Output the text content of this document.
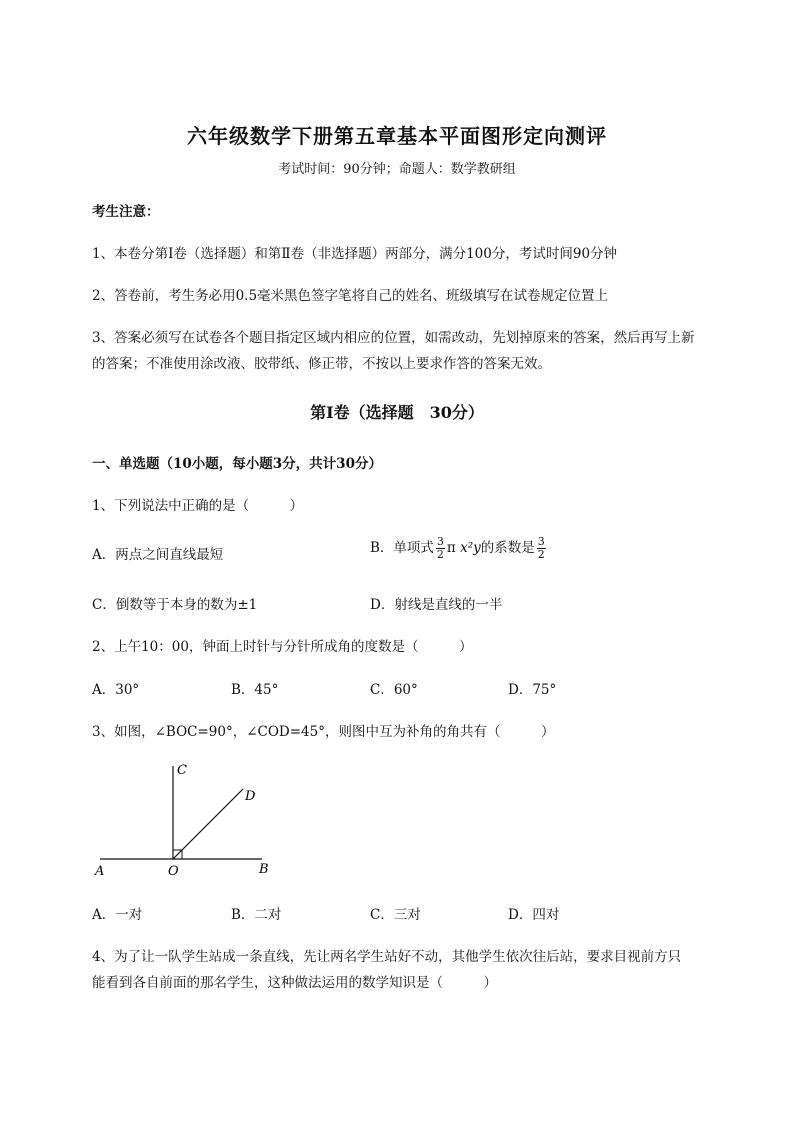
六年级数学下册第五章基本平面图形定向测评
考试时间：90分钟；命题人：数学教研组
考生注意：
1、本卷分第I卷（选择题）和第Ⅱ卷（非选择题）两部分，满分100分，考试时间90分钟
2、答卷前，考生务必用0.5毫米黑色签字笔将自己的姓名、班级填写在试卷规定位置上
3、答案必须写在试卷各个题目指定区域内相应的位置，如需改动，先划掉原来的答案，然后再写上新
的答案；不准使用涂改液、胶带纸、修正带，不按以上要求作答的答案无效。
第I卷（选择题　30分）
一、单选题（10小题，每小题3分，共计30分）
1、下列说法中正确的是（　　　）
A．两点之间直线最短	B．单项式 $\frac{3}{2}$ π x²y的系数是 $\frac{3}{2}$
C．倒数等于本身的数为±1	D．射线是直线的一半
2、上午10：00，钟面上时针与分针所成角的度数是（　　　）
A．30°	B．45°	C．60°	D．75°
3、如图，∠BOC=90°，∠COD=45°，则图中互为补角的角共有（　　　）
C
D
A	O	B
A．一对	B．二对	C．三对	D．四对
4、为了让一队学生站成一条直线，先让两名学生站好不动，其他学生依次往后站，要求目视前方只
能看到各自前面的那名学生，这种做法运用的数学知识是（　　　）
